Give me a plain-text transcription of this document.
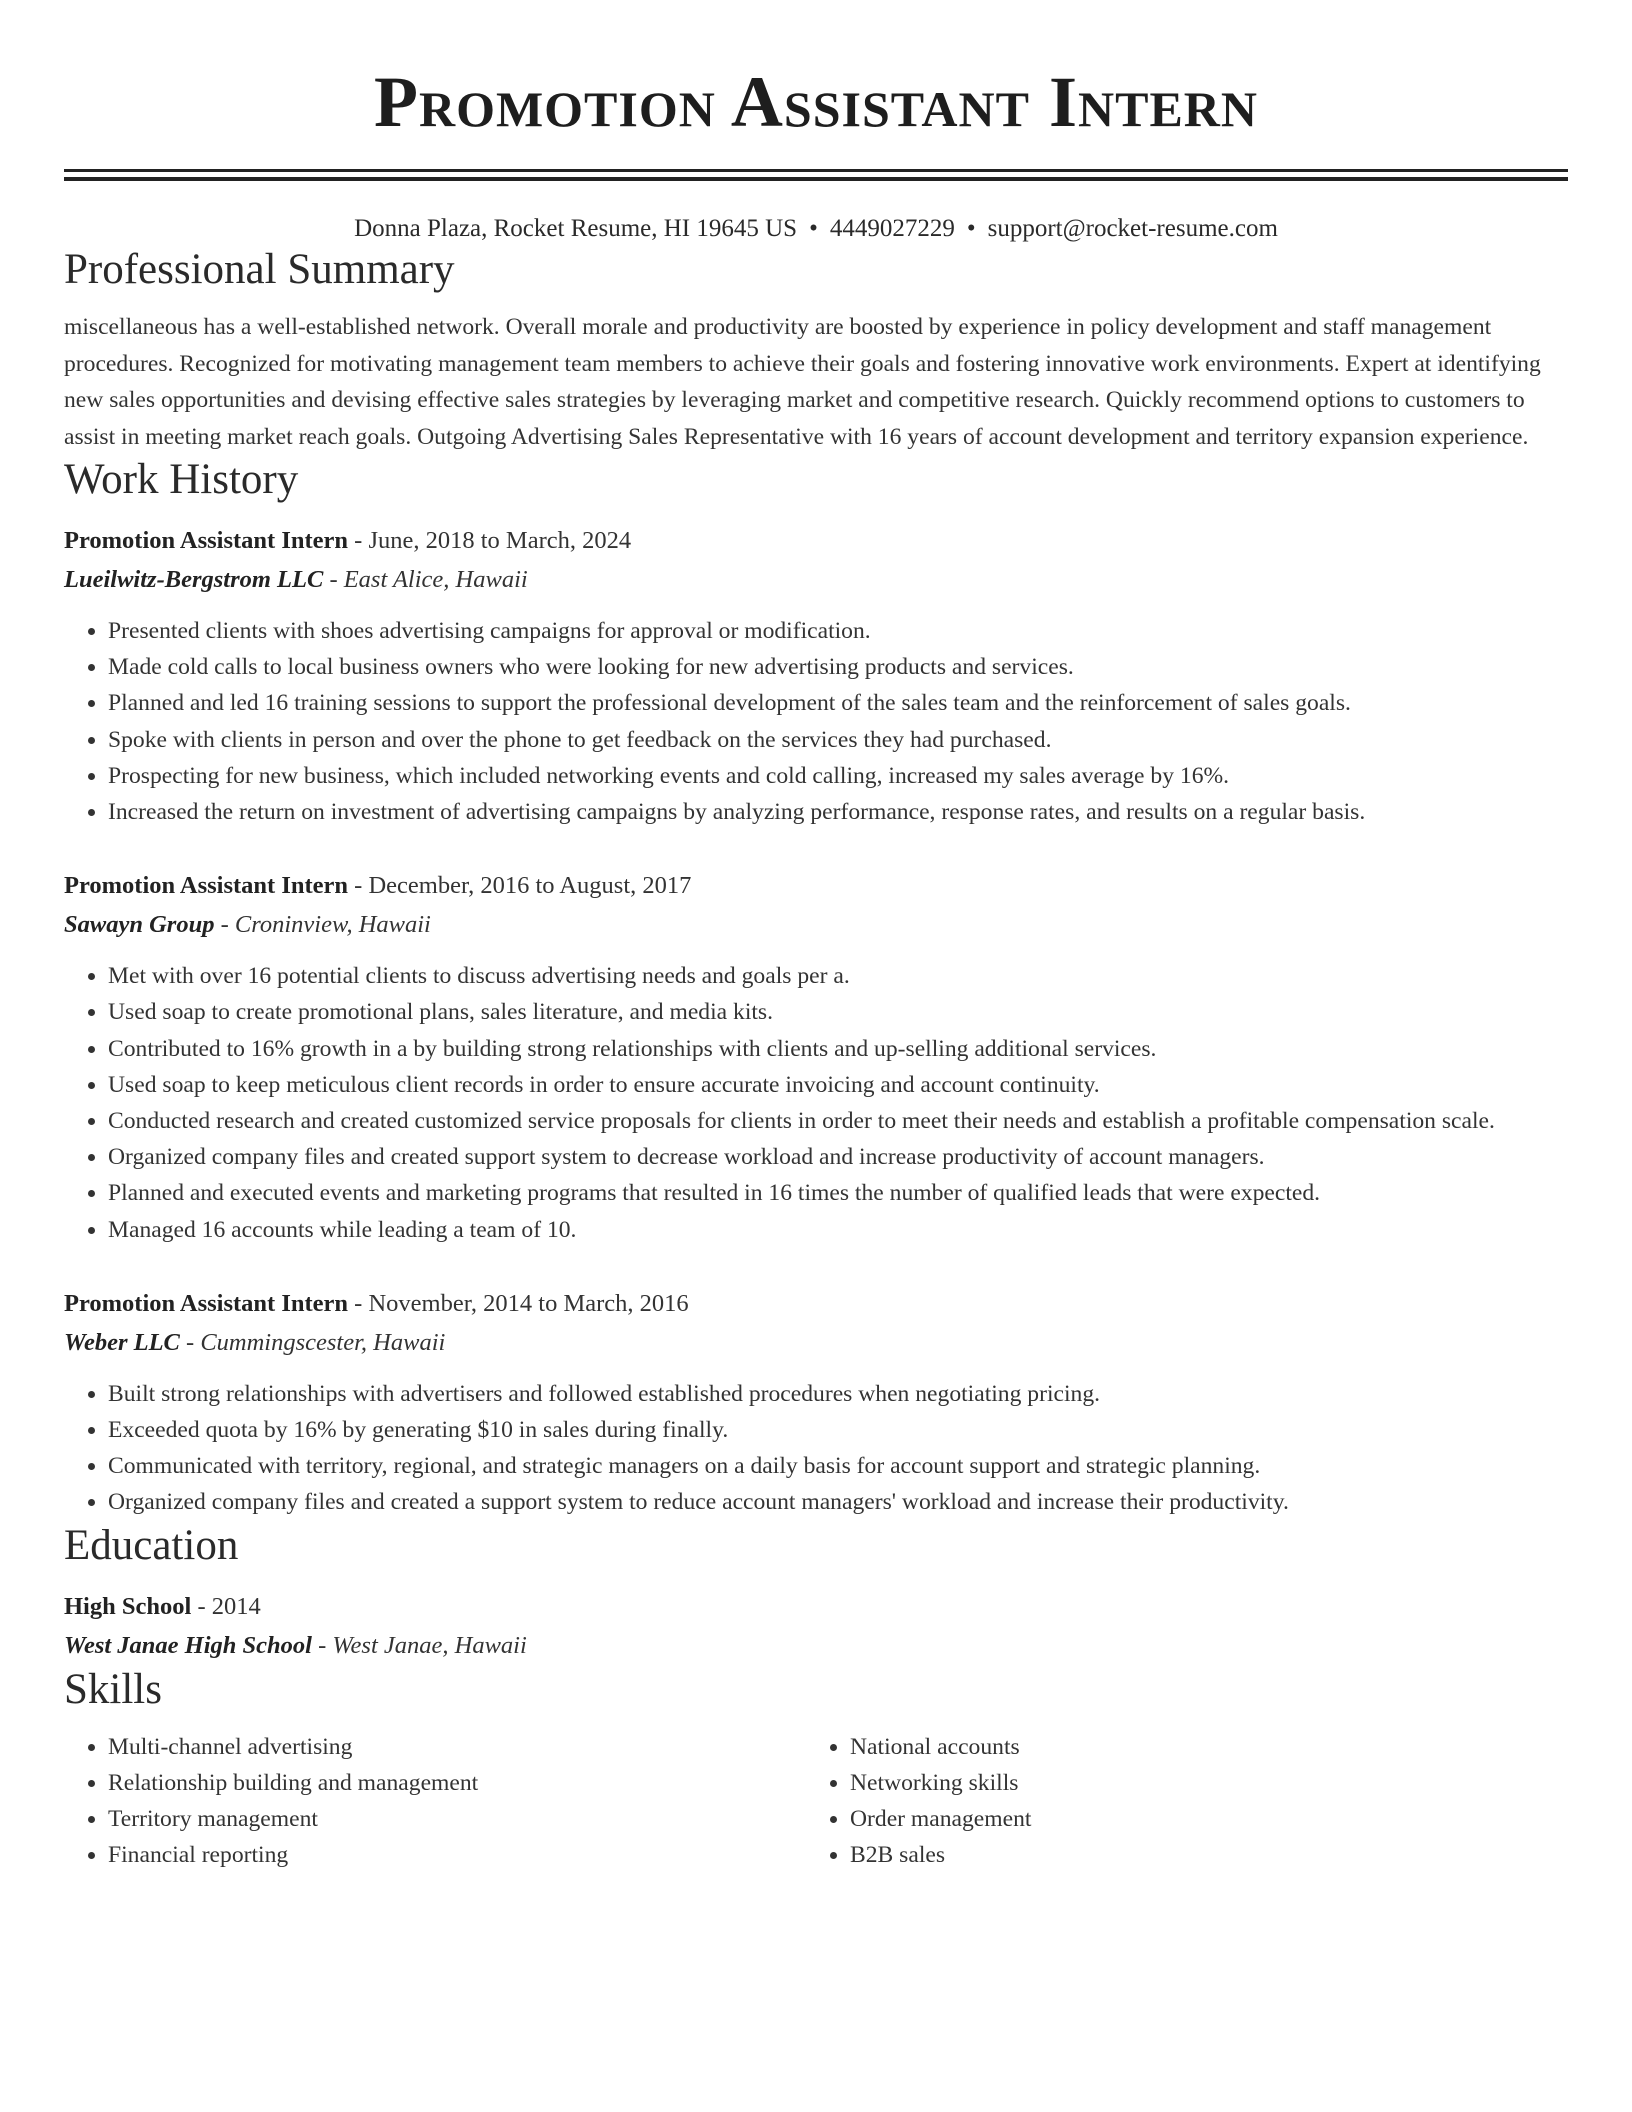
Promotion Assistant Intern
Donna Plaza, Rocket Resume, HI 19645 US • 4449027229 • support@rocket-resume.com
Professional Summary
miscellaneous has a well-established network. Overall morale and productivity are boosted by experience in policy development and staff management procedures. Recognized for motivating management team members to achieve their goals and fostering innovative work environments. Expert at identifying new sales opportunities and devising effective sales strategies by leveraging market and competitive research. Quickly recommend options to customers to assist in meeting market reach goals. Outgoing Advertising Sales Representative with 16 years of account development and territory expansion experience.
Work History
Promotion Assistant Intern - June, 2018 to March, 2024
Lueilwitz-Bergstrom LLC - East Alice, Hawaii
• Presented clients with shoes advertising campaigns for approval or modification.
• Made cold calls to local business owners who were looking for new advertising products and services.
• Planned and led 16 training sessions to support the professional development of the sales team and the reinforcement of sales goals.
• Spoke with clients in person and over the phone to get feedback on the services they had purchased.
• Prospecting for new business, which included networking events and cold calling, increased my sales average by 16%.
• Increased the return on investment of advertising campaigns by analyzing performance, response rates, and results on a regular basis.
Promotion Assistant Intern - December, 2016 to August, 2017
Sawayn Group - Croninview, Hawaii
• Met with over 16 potential clients to discuss advertising needs and goals per a.
• Used soap to create promotional plans, sales literature, and media kits.
• Contributed to 16% growth in a by building strong relationships with clients and up-selling additional services.
• Used soap to keep meticulous client records in order to ensure accurate invoicing and account continuity.
• Conducted research and created customized service proposals for clients in order to meet their needs and establish a profitable compensation scale.
• Organized company files and created support system to decrease workload and increase productivity of account managers.
• Planned and executed events and marketing programs that resulted in 16 times the number of qualified leads that were expected.
• Managed 16 accounts while leading a team of 10.
Promotion Assistant Intern - November, 2014 to March, 2016
Weber LLC - Cummingscester, Hawaii
• Built strong relationships with advertisers and followed established procedures when negotiating pricing.
• Exceeded quota by 16% by generating $10 in sales during finally.
• Communicated with territory, regional, and strategic managers on a daily basis for account support and strategic planning.
• Organized company files and created a support system to reduce account managers' workload and increase their productivity.
Education
High School - 2014
West Janae High School - West Janae, Hawaii
Skills
• Multi-channel advertising
• Relationship building and management
• Territory management
• Financial reporting
• National accounts
• Networking skills
• Order management
• B2B sales
